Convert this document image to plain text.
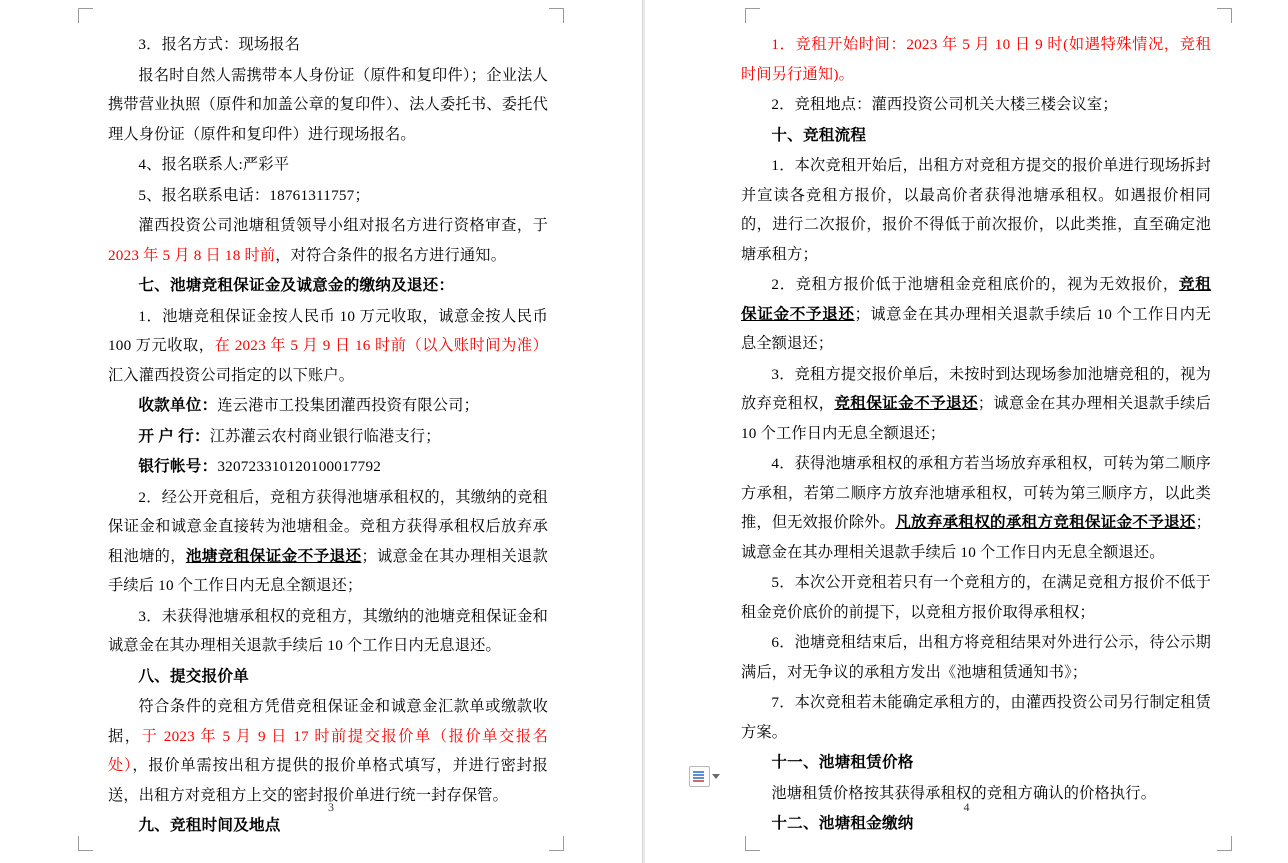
3．报名方式：现场报名

报名时自然人需携带本人身份证（原件和复印件）；企业法人携带营业执照（原件和加盖公章的复印件）、法人委托书、委托代理人身份证（原件和复印件）进行现场报名。

4、报名联系人:严彩平

5、报名联系电话：18761311757；

灌西投资公司池塘租赁领导小组对报名方进行资格审查，于2023 年 5 月 8 日 18 时前，对符合条件的报名方进行通知。

七、池塘竞租保证金及诚意金的缴纳及退还：

1．池塘竞租保证金按人民币 10 万元收取，诚意金按人民币 100 万元收取，在 2023 年 5 月 9 日 16 时前（以入账时间为准）汇入灌西投资公司指定的以下账户。

收款单位：连云港市工投集团灌西投资有限公司；

开 户 行：江苏灌云农村商业银行临港支行；

银行帐号：320723310120100017792

2．经公开竞租后，竞租方获得池塘承租权的，其缴纳的竞租保证金和诚意金直接转为池塘租金。竞租方获得承租权后放弃承租池塘的，池塘竞租保证金不予退还；诚意金在其办理相关退款手续后 10 个工作日内无息全额退还；

3．未获得池塘承租权的竞租方，其缴纳的池塘竞租保证金和诚意金在其办理相关退款手续后 10 个工作日内无息退还。

八、提交报价单

符合条件的竞租方凭借竞租保证金和诚意金汇款单或缴款收据，于 2023 年 5 月 9 日 17 时前提交报价单（报价单交报名处），报价单需按出租方提供的报价单格式填写，并进行密封报送，出租方对竞租方上交的密封报价单进行统一封存保管。

九、竞租时间及地点

3

1．竞租开始时间：2023 年 5 月 10 日 9 时(如遇特殊情况，竞租时间另行通知)。

2．竞租地点：灌西投资公司机关大楼三楼会议室；

十、竞租流程

1．本次竞租开始后，出租方对竞租方提交的报价单进行现场拆封并宣读各竞租方报价，以最高价者获得池塘承租权。如遇报价相同的，进行二次报价，报价不得低于前次报价，以此类推，直至确定池塘承租方；

2．竞租方报价低于池塘租金竞租底价的，视为无效报价，竞租保证金不予退还；诚意金在其办理相关退款手续后 10 个工作日内无息全额退还；

3．竞租方提交报价单后，未按时到达现场参加池塘竞租的，视为放弃竞租权，竞租保证金不予退还；诚意金在其办理相关退款手续后 10 个工作日内无息全额退还；

4．获得池塘承租权的承租方若当场放弃承租权，可转为第二顺序方承租，若第二顺序方放弃池塘承租权，可转为第三顺序方，以此类推，但无效报价除外。凡放弃承租权的承租方竞租保证金不予退还；诚意金在其办理相关退款手续后 10 个工作日内无息全额退还。

5．本次公开竞租若只有一个竞租方的，在满足竞租方报价不低于租金竞价底价的前提下，以竞租方报价取得承租权；

6．池塘竞租结束后，出租方将竞租结果对外进行公示，待公示期满后，对无争议的承租方发出《池塘租赁通知书》；

7．本次竞租若未能确定承租方的，由灌西投资公司另行制定租赁方案。

十一、池塘租赁价格

池塘租赁价格按其获得承租权的竞租方确认的价格执行。

十二、池塘租金缴纳

4
